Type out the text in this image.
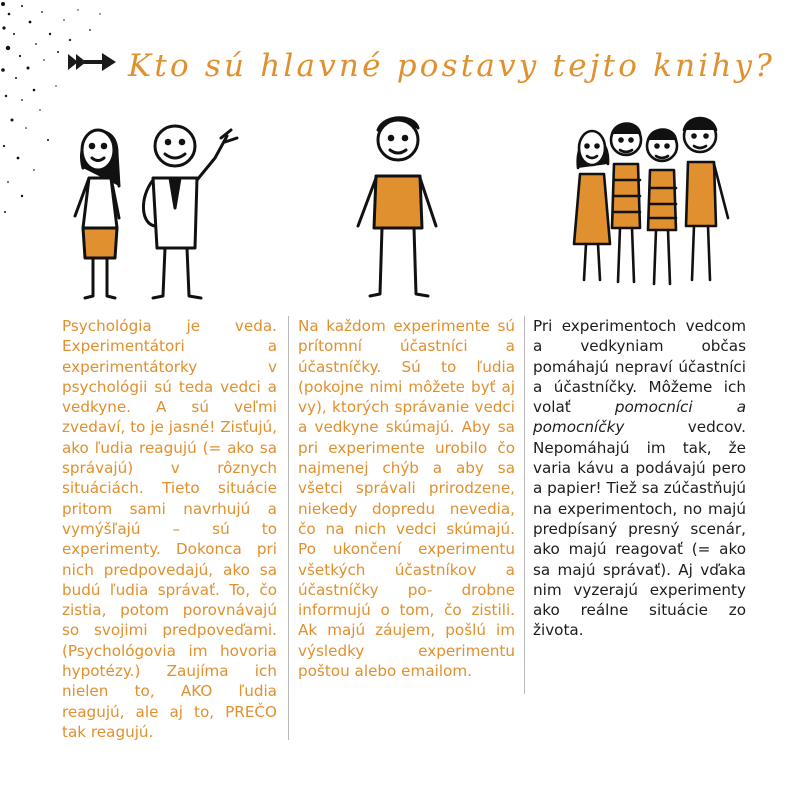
Kto sú hlavné postavy tejto knihy?

Psychológia je veda. Experimentátori a experimentátorky v psychológii sú teda vedci a vedkyne. A sú veľmi zvedaví, to je jasné! Zisťujú, ako ľudia reagujú (= ako sa správajú) v rôznych situáciách. Tieto situácie pritom sami navrhujú a vymýšľajú – sú to experimenty. Dokonca pri nich predpovedajú, ako sa budú ľudia správať. To, čo zistia, potom porovnávajú so svojimi predpoveďami. (Psychológovia im hovoria hypotézy.) Zaujíma ich nielen to, AKO ľudia reagujú, ale aj to, PREČO tak reagujú.

Na každom experimente sú prítomní účastníci a účastníčky. Sú to ľudia (pokojne nimi môžete byť aj vy), ktorých správanie vedci a vedkyne skúmajú. Aby sa pri experimente urobilo čo najmenej chýb a aby sa všetci správali prirodzene, niekedy dopredu nevedia, čo na nich vedci skúmajú. Po ukončení experimentu všetkých účastníkov a účastníčky po- drobne informujú o tom, čo zistili. Ak majú záujem, pošlú im výsledky experimentu poštou alebo emailom.

Pri experimentoch vedcom a vedkyniam občas pomáhajú nepraví účastníci a účastníčky. Môžeme ich volať pomocníci a pomocníčky vedcov. Nepomáhajú im tak, že varia kávu a podávajú pero a papier! Tiež sa zúčastňujú na experimentoch, no majú predpísaný presný scenár, ako majú reagovať (= ako sa majú správať). Aj vďaka nim vyzerajú experimenty ako reálne situácie zo života.
